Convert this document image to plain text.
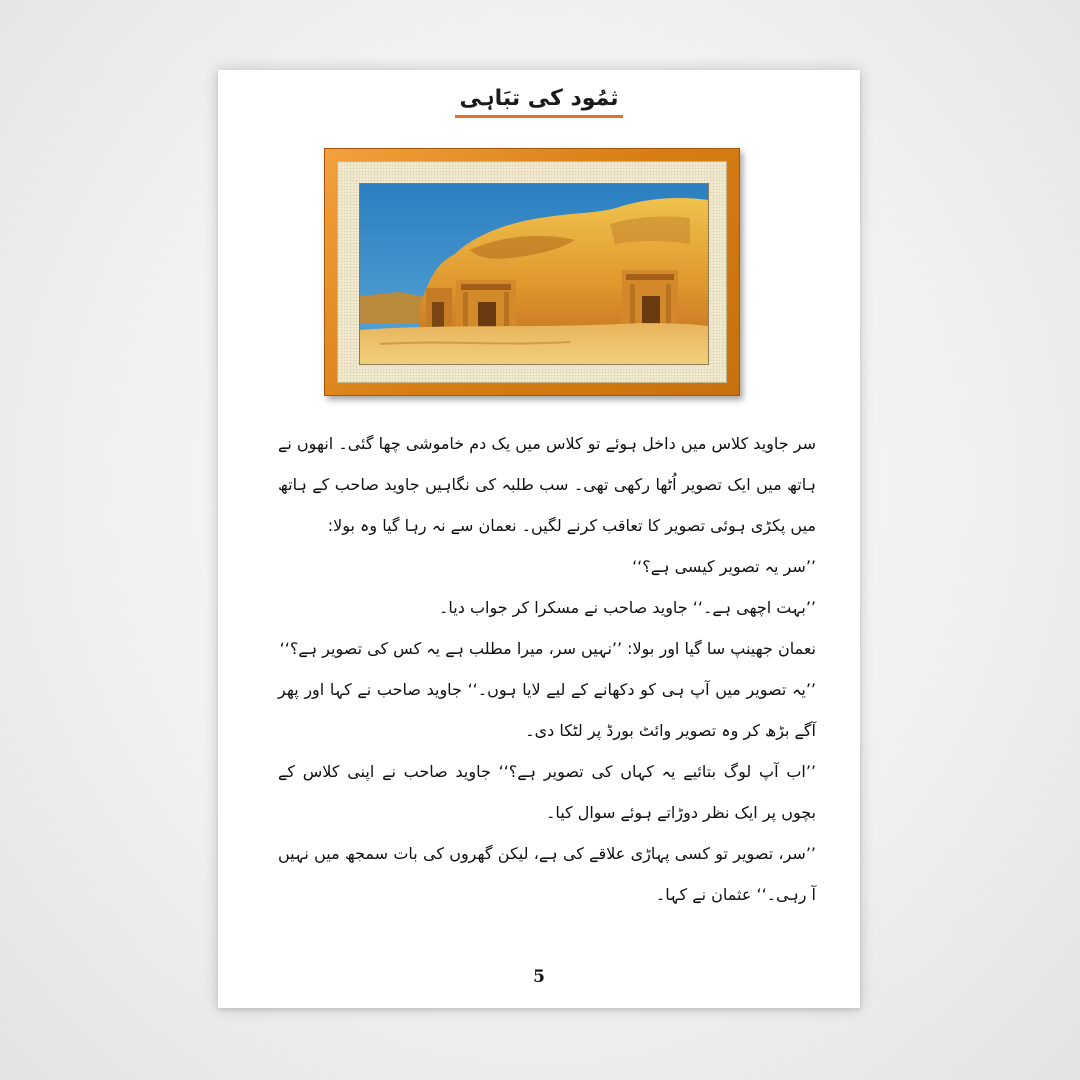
ثمُود کی تبَاہی

سر جاوید کلاس میں داخل ہوئے تو کلاس میں یک دم خاموشی چھا گئی۔ انھوں نے ہاتھ میں ایک تصویر اُٹھا رکھی تھی۔ سب طلبہ کی نگاہیں جاوید صاحب کے ہاتھ میں پکڑی ہوئی تصویر کا تعاقب کرنے لگیں۔ نعمان سے نہ رہا گیا وہ بولا:

’’سر یہ تصویر کیسی ہے؟‘‘

’’بہت اچھی ہے۔‘‘ جاوید صاحب نے مسکرا کر جواب دیا۔

نعمان جھینپ سا گیا اور بولا: ’’نہیں سر، میرا مطلب ہے یہ کس کی تصویر ہے؟‘‘

’’یہ تصویر میں آپ ہی کو دکھانے کے لیے لایا ہوں۔‘‘ جاوید صاحب نے کہا اور پھر آگے بڑھ کر وہ تصویر وائٹ بورڈ پر لٹکا دی۔

’’اب آپ لوگ بتائیے یہ کہاں کی تصویر ہے؟‘‘ جاوید صاحب نے اپنی کلاس کے بچوں پر ایک نظر دوڑاتے ہوئے سوال کیا۔

’’سر، تصویر تو کسی پہاڑی علاقے کی ہے، لیکن گھروں کی بات سمجھ میں نہیں آ رہی۔‘‘ عثمان نے کہا۔

5
